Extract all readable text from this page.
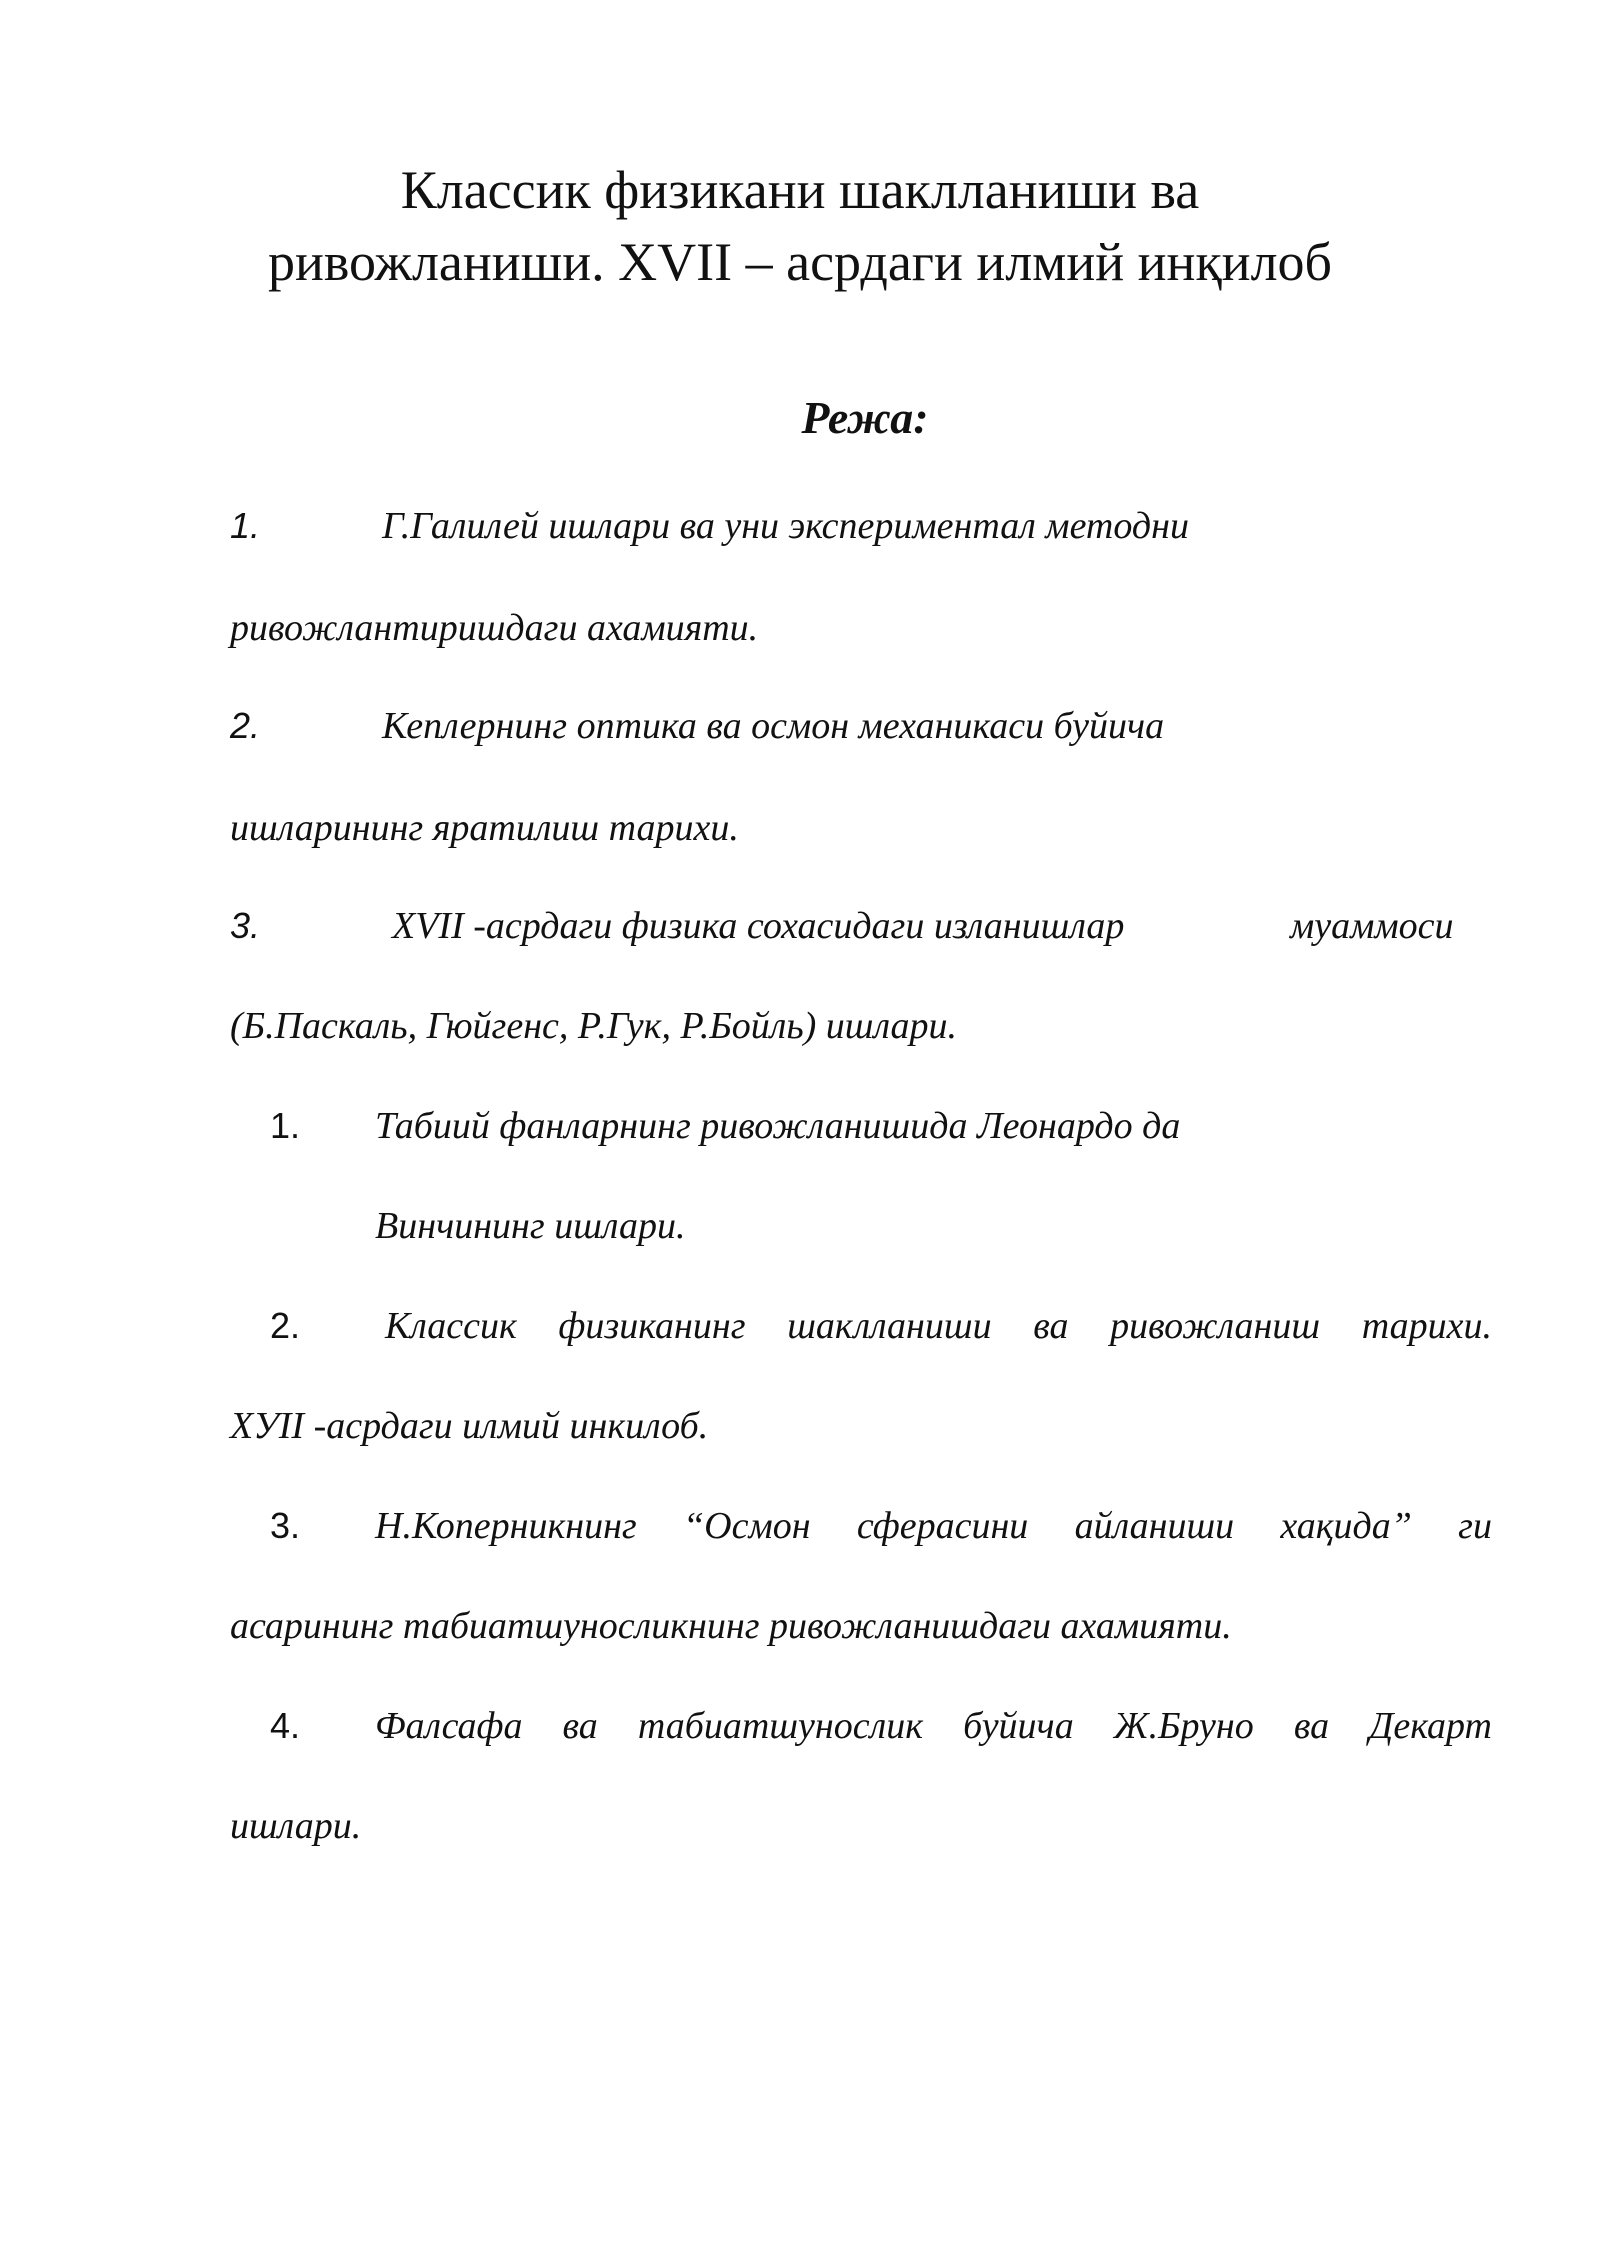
Классик физикани шаклланиши ва
ривожланиши. XVII – асрдаги илмий инқилоб
Режа:
1.	Г.Галилей ишлари ва уни экспериментал методни
ривожлантиришдаги ахамияти.
2.	Кеплернинг оптика ва осмон механикаси буйича
ишларининг яратилиш тарихи.
3.	XVII -асрдаги физика сохасидаги изланишлар	муаммоси
(Б.Паскаль, Гюйгенс, Р.Гук, Р.Бойль) ишлари.
1. Табиий фанларнинг ривожланишида Леонардо да
Винчининг ишлари.
2. Классик физиканинг шаклланиши ва ривожланиш тарихи.
ХУII -асрдаги илмий инкилоб.
3. Н.Коперникнинг “Осмон сферасини айланиши хақида” ги
асарининг табиатшуносликнинг ривожланишдаги ахамияти.
4. Фалсафа ва табиатшунослик буйича Ж.Бруно ва Декарт
ишлари.
